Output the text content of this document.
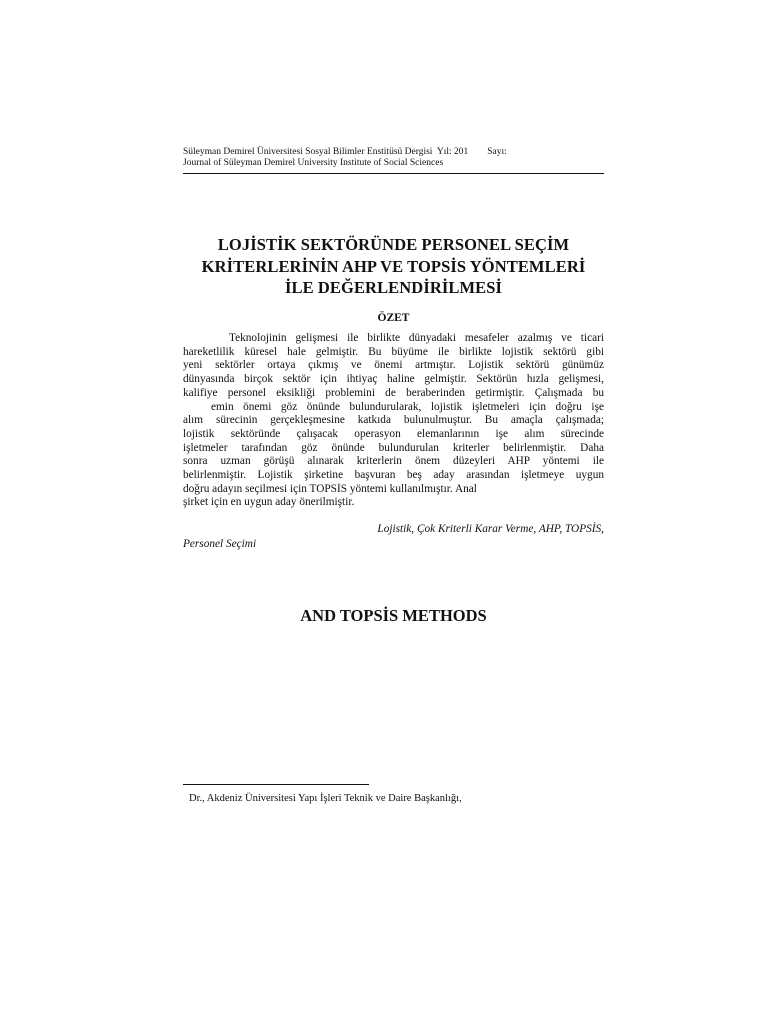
Süleyman Demirel Üniversitesi Sosyal Bilimler Enstitüsü Dergisi  Yıl: 201        Sayı:
Journal of Süleyman Demirel University Institute of Social Sciences
LOJİSTİK SEKTÖRÜNDE PERSONEL SEÇİM
KRİTERLERİNİN AHP VE TOPSİS YÖNTEMLERİ
İLE DEĞERLENDİRİLMESİ
ÖZET
Teknolojinin gelişmesi ile birlikte dünyadaki mesafeler azalmış ve ticari
hareketlilik küresel hale gelmiştir. Bu büyüme ile birlikte lojistik sektörü gibi
yeni sektörler ortaya çıkmış ve önemi artmıştır. Lojistik sektörü günümüz
dünyasında birçok sektör için ihtiyaç haline gelmiştir. Sektörün hızla gelişmesi,
kalifiye personel eksikliği problemini de beraberinden getirmiştir. Çalışmada bu
emin önemi göz önünde bulundurularak, lojistik işletmeleri için doğru işe
alım sürecinin gerçekleşmesine katkıda bulunulmuştur. Bu amaçla çalışmada;
lojistik sektöründe çalışacak operasyon elemanlarının işe alım sürecinde
işletmeler tarafından göz önünde bulundurulan kriterler belirlenmiştir. Daha
sonra uzman görüşü alınarak kriterlerin önem düzeyleri AHP yöntemi ile
belirlenmiştir. Lojistik şirketine başvuran beş aday arasından işletmeye uygun
doğru adayın seçilmesi için TOPSİS yöntemi kullanılmıştır. Anal
şirket için en uygun aday önerilmiştir.
Lojistik, Çok Kriterli Karar Verme, AHP, TOPSİS,
Personel Seçimi
AND TOPSİS METHODS
Dr., Akdeniz Üniversitesi Yapı İşleri Teknik ve Daire Başkanlığı,
